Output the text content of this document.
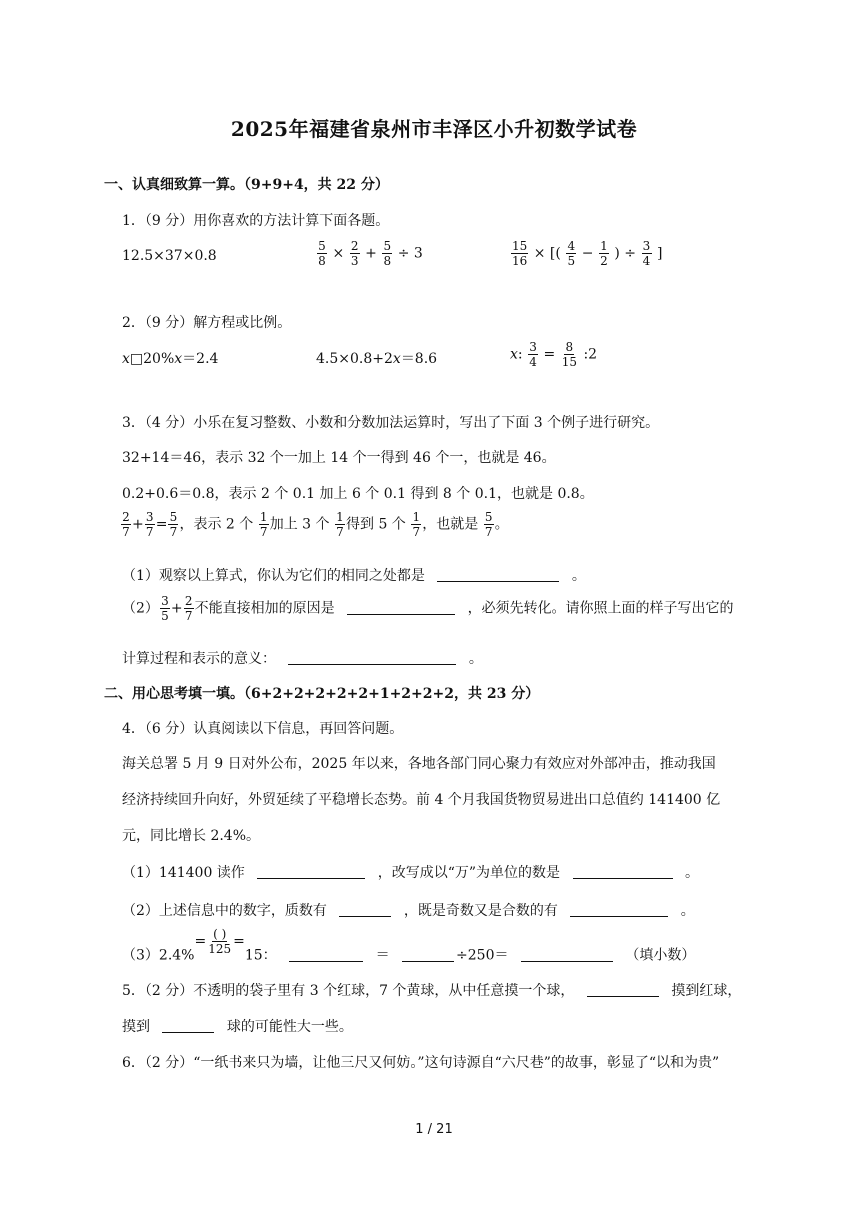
2025年福建省泉州市丰泽区小升初数学试卷
一、认真细致算一算。（9+9+4，共 22 分）
1．（9 分）用你喜欢的方法计算下面各题。
12.5×37×0.8	$\frac{5}{8} \times \frac{2}{3} + \frac{5}{8} \div 3$	$\frac{15}{16}$ × [( $\frac{4}{5} - \frac{1}{2}$ ) ÷ $\frac{3}{4}$ ]
2．（9 分）解方程或比例。
x□20%x＝2.4	4.5×0.8+2x＝8.6	x: $\frac{3}{4} = \frac{8}{15}$ :2
3．（4 分）小乐在复习整数、小数和分数加法运算时，写出了下面 3 个例子进行研究。
32+14＝46，表示 32 个一加上 14 个一得到 46 个一，也就是 46。
0.2+0.6＝0.8，表示 2 个 0.1 加上 6 个 0.1 得到 8 个 0.1，也就是 0.8。
$\frac{2}{7} + \frac{3}{7} = \frac{5}{7}$ ，表示 2 个 $\frac{1}{7}$ 加上 3 个 $\frac{1}{7}$ 得到 5 个 $\frac{1}{7}$ ，也就是 $\frac{5}{7}$ 。
（1）观察以上算式，你认为它们的相同之处都是	。
$(2) \frac{3}{5} + \frac{2}{7}$ 不能直接相加的原因是	，必须先转化。请你照上面的样子写出它的
计算过程和表示的意义：	。
二、用心思考填一填。（6+2+2+2+2+2+1+2+2+2，共 23 分）
4．（6 分）认真阅读以下信息，再回答问题。
海关总署 5 月 9 日对外公布，2025 年以来，各地各部门同心聚力有效应对外部冲击，推动我国
经济持续回升向好，外贸延续了平稳增长态势。前 4 个月我国货物贸易进出口总值约 141400 亿
元，同比增长 2.4%。
（1）141400 读作	，改写成以“万”为单位的数是	。
（2）上述信息中的数字，质数有	，既是奇数又是合数的有	。
$(3)2.4\%= \frac{( )}{125} =15$：	＝	÷250＝	（填小数）
5．（2 分）不透明的袋子里有 3 个红球，7 个黄球，从中任意摸一个球，	摸到红球，
摸到	球的可能性大一些。
6．（2 分）“一纸书来只为墙，让他三尺又何妨。”这句诗源自“六尺巷”的故事，彰显了“以和为贵”
1 / 21
